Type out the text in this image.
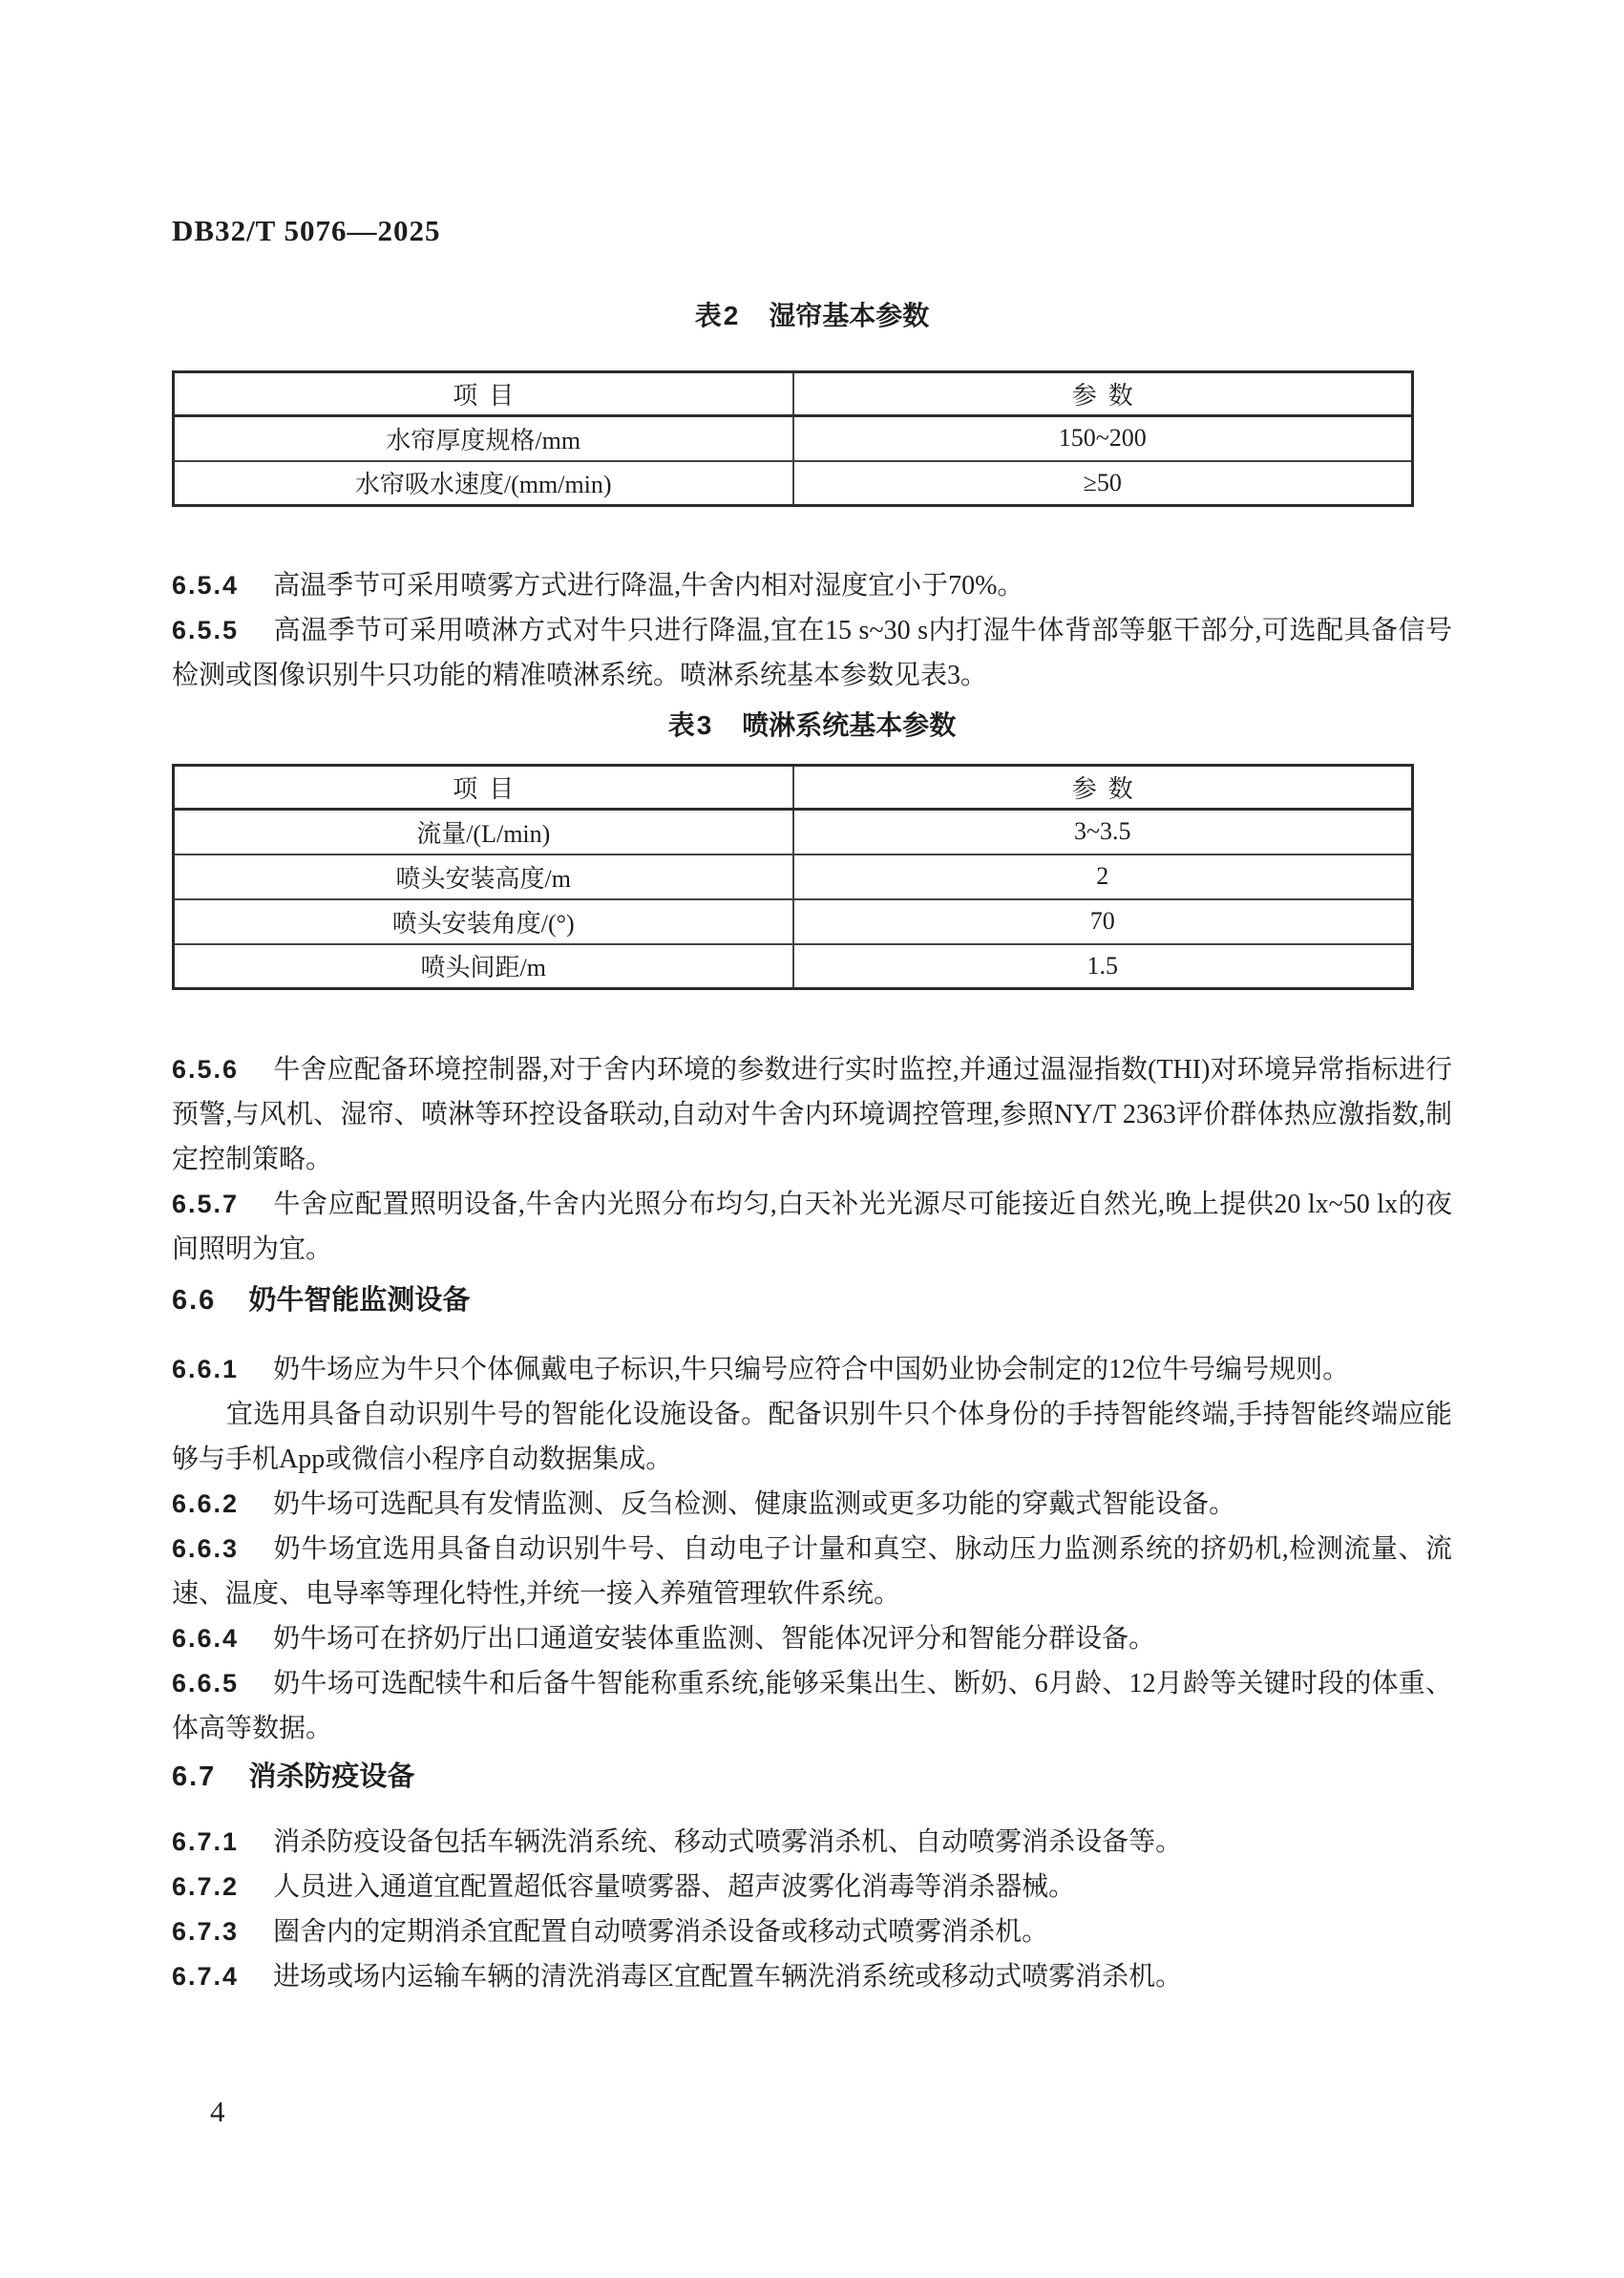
DB32/T 5076—2025
表2 湿帘基本参数
项目	参数
水帘厚度规格/mm	150~200
水帘吸水速度/(mm/min)	≥50

6.5.4 高温季节可采用喷雾方式进行降温,牛舍内相对湿度宜小于70%。

6.5.5 高温季节可采用喷淋方式对牛只进行降温,宜在15 s~30 s内打湿牛体背部等躯干部分,可选配具备信号检测或图像识别牛只功能的精准喷淋系统。喷淋系统基本参数见表3。

表3 喷淋系统基本参数
项目	参数
流量/(L/min)	3~3.5
喷头安装高度/m	2
喷头安装角度/(°)	70
喷头间距/m	1.5

6.5.6 牛舍应配备环境控制器,对于舍内环境的参数进行实时监控,并通过温湿指数(THI)对环境异常指标进行预警,与风机、湿帘、喷淋等环控设备联动,自动对牛舍内环境调控管理,参照NY/T 2363评价群体热应激指数,制定控制策略。

6.5.7 牛舍应配置照明设备,牛舍内光照分布均匀,白天补光光源尽可能接近自然光,晚上提供20 lx~50 lx的夜间照明为宜。

6.6 奶牛智能监测设备

6.6.1 奶牛场应为牛只个体佩戴电子标识,牛只编号应符合中国奶业协会制定的12位牛号编号规则。

宜选用具备自动识别牛号的智能化设施设备。配备识别牛只个体身份的手持智能终端,手持智能终端应能够与手机App或微信小程序自动数据集成。

6.6.2 奶牛场可选配具有发情监测、反刍检测、健康监测或更多功能的穿戴式智能设备。

6.6.3 奶牛场宜选用具备自动识别牛号、自动电子计量和真空、脉动压力监测系统的挤奶机,检测流量、流速、温度、电导率等理化特性,并统一接入养殖管理软件系统。

6.6.4 奶牛场可在挤奶厅出口通道安装体重监测、智能体况评分和智能分群设备。

6.6.5 奶牛场可选配犊牛和后备牛智能称重系统,能够采集出生、断奶、6月龄、12月龄等关键时段的体重、体高等数据。

6.7 消杀防疫设备

6.7.1 消杀防疫设备包括车辆洗消系统、移动式喷雾消杀机、自动喷雾消杀设备等。

6.7.2 人员进入通道宜配置超低容量喷雾器、超声波雾化消毒等消杀器械。

6.7.3 圈舍内的定期消杀宜配置自动喷雾消杀设备或移动式喷雾消杀机。

6.7.4 进场或场内运输车辆的清洗消毒区宜配置车辆洗消系统或移动式喷雾消杀机。

4
